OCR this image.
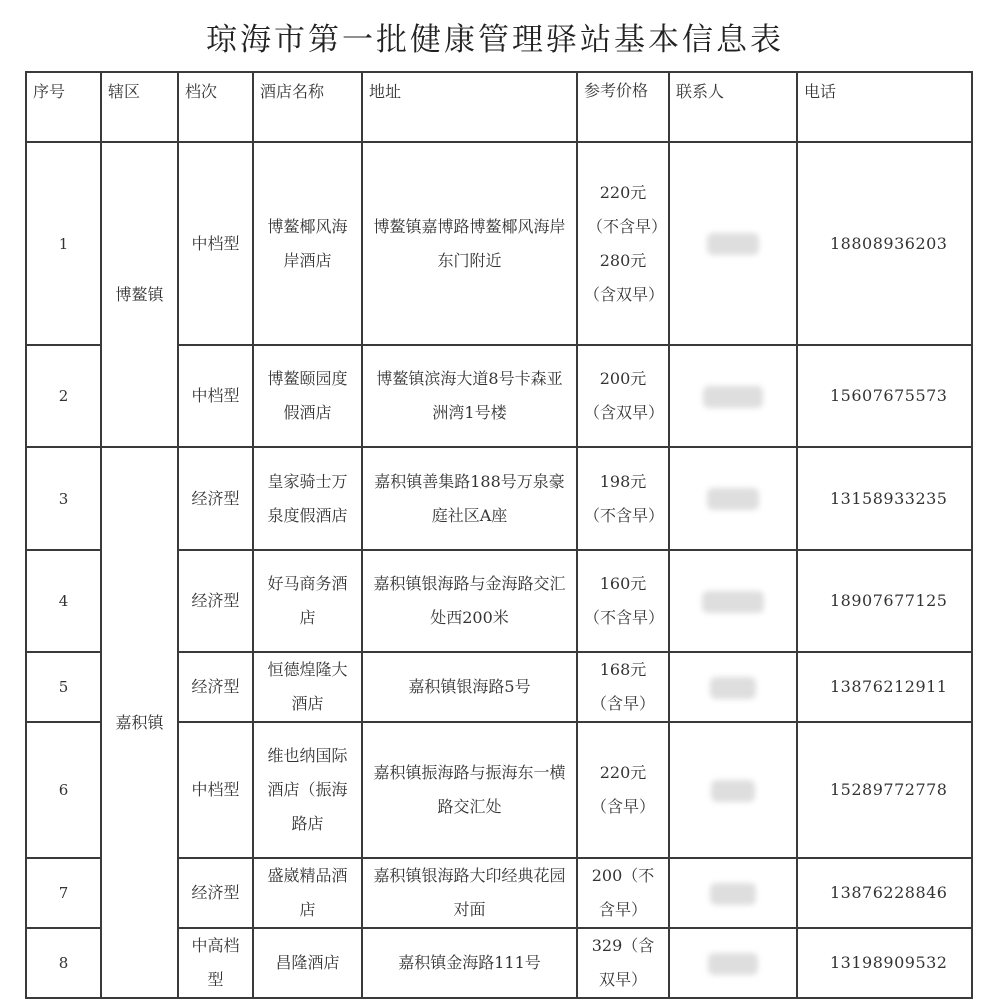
琼海市第一批健康管理驿站基本信息表
序号	辖区	档次	酒店名称	地址	参考价格	联系人	电话
1	博鳌镇	中档型	博鳌椰风海岸酒店	博鳌镇嘉博路博鳌椰风海岸东门附近	220元（不含早）280元（含双早）		18808936203
2		中档型	博鳌颐园度假酒店	博鳌镇滨海大道8号卡森亚洲湾1号楼	200元（含双早）		15607675573
3	嘉积镇	经济型	皇家骑士万泉度假酒店	嘉积镇善集路188号万泉豪庭社区A座	198元（不含早）		13158933235
4		经济型	好马商务酒店	嘉积镇银海路与金海路交汇处西200米	160元（不含早）		18907677125
5		经济型	恒德煌隆大酒店	嘉积镇银海路5号	168元（含早）		13876212911
6		中档型	维也纳国际酒店（振海路店	嘉积镇振海路与振海东一横路交汇处	220元（含早）		15289772778
7		经济型	盛崴精品酒店	嘉积镇银海路大印经典花园对面	200（不含早）		13876228846
8		中高档型	昌隆酒店	嘉积镇金海路111号	329（含双早）		13198909532
